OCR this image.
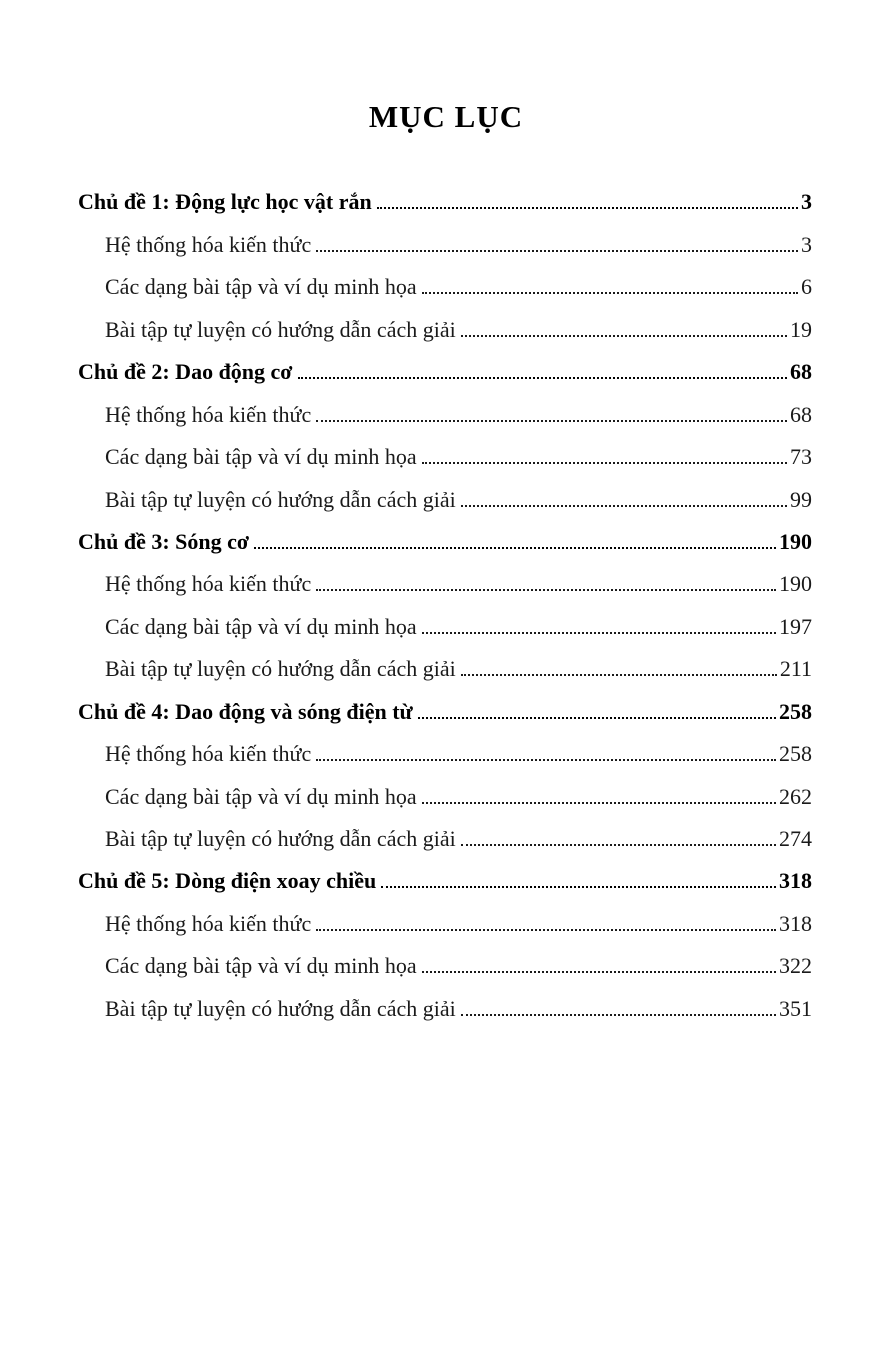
MỤC LỤC
Chủ đề 1: Động lực học vật rắn	3
Hệ thống hóa kiến thức	3
Các dạng bài tập và ví dụ minh họa	6
Bài tập tự luyện có hướng dẫn cách giải	19
Chủ đề 2: Dao động cơ	68
Hệ thống hóa kiến thức	68
Các dạng bài tập và ví dụ minh họa	73
Bài tập tự luyện có hướng dẫn cách giải	99
Chủ đề 3: Sóng cơ	190
Hệ thống hóa kiến thức	190
Các dạng bài tập và ví dụ minh họa	197
Bài tập tự luyện có hướng dẫn cách giải	211
Chủ đề 4: Dao động và sóng điện từ	258
Hệ thống hóa kiến thức	258
Các dạng bài tập và ví dụ minh họa	262
Bài tập tự luyện có hướng dẫn cách giải	274
Chủ đề 5: Dòng điện xoay chiều	318
Hệ thống hóa kiến thức	318
Các dạng bài tập và ví dụ minh họa	322
Bài tập tự luyện có hướng dẫn cách giải	351
